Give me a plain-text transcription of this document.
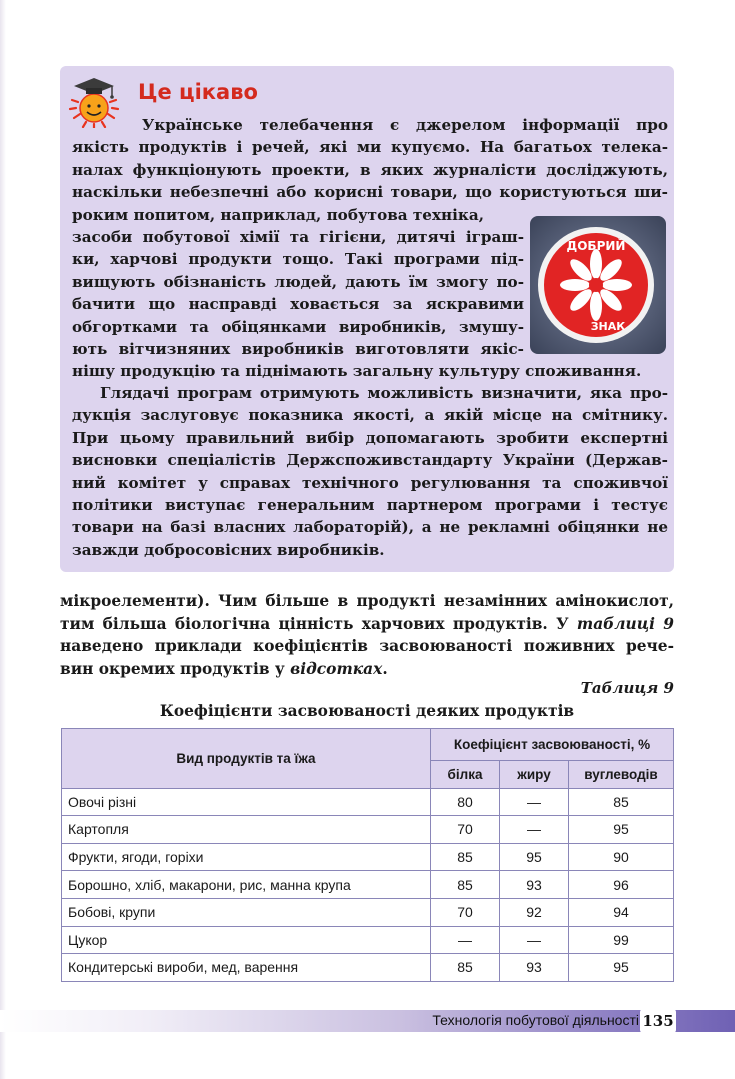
Це цікаво
ДОБРИЙ
ЗНАК
Українське телебачення є джерелом інформації про
якість продуктів і речей, які ми купуємо. На багатьох телека-
налах функціонують проекти, в яких журналісти досліджують,
наскільки небезпечні або корисні товари, що користуються ши-
роким попитом, наприклад, побутова техніка,
засоби побутової хімії та гігієни, дитячі іграш-
ки, харчові продукти тощо. Такі програми під-
вищують обізнаність людей, дають їм змогу по-
бачити що насправді ховається за яскравими
обгортками та обіцянками виробників, змушу-
ють вітчизняних виробників виготовляти якіс-
нішу продукцію та піднімають загальну культуру споживання.
Глядачі програм отримують можливість визначити, яка про-
дукція заслуговує показника якості, а якій місце на смітнику.
При цьому правильний вибір допомагають зробити експертні
висновки спеціалістів Держспоживстандарту України (Держав-
ний комітет у справах технічного регулювання та споживчої
політики виступає генеральним партнером програми і тестує
товари на базі власних лабораторій), а не рекламні обіцянки не
завжди добросовісних виробників.
мікроелементи). Чим більше в продукті незамінних амінокислот,
тим більша біологічна цінність харчових продуктів. У таблиці 9
наведено приклади коефіцієнтів засвоюваності поживних рече-
вин окремих продуктів у відсотках.
Таблиця 9
Коефіцієнти засвоюваності деяких продуктів
Вид продуктів та їжа	Коефіцієнт засвоюваності, %		
	білка	жиру	вуглеводів
Овочі різні	80	—	85
Картопля	70	—	95
Фрукти, ягоди, горіхи	85	95	90
Борошно, хліб, макарони, рис, манна крупа	85	93	96
Бобові, крупи	70	92	94
Цукор	—	—	99
Кондитерські вироби, мед, варення	85	93	95
Технологія побутової діяльності 135
